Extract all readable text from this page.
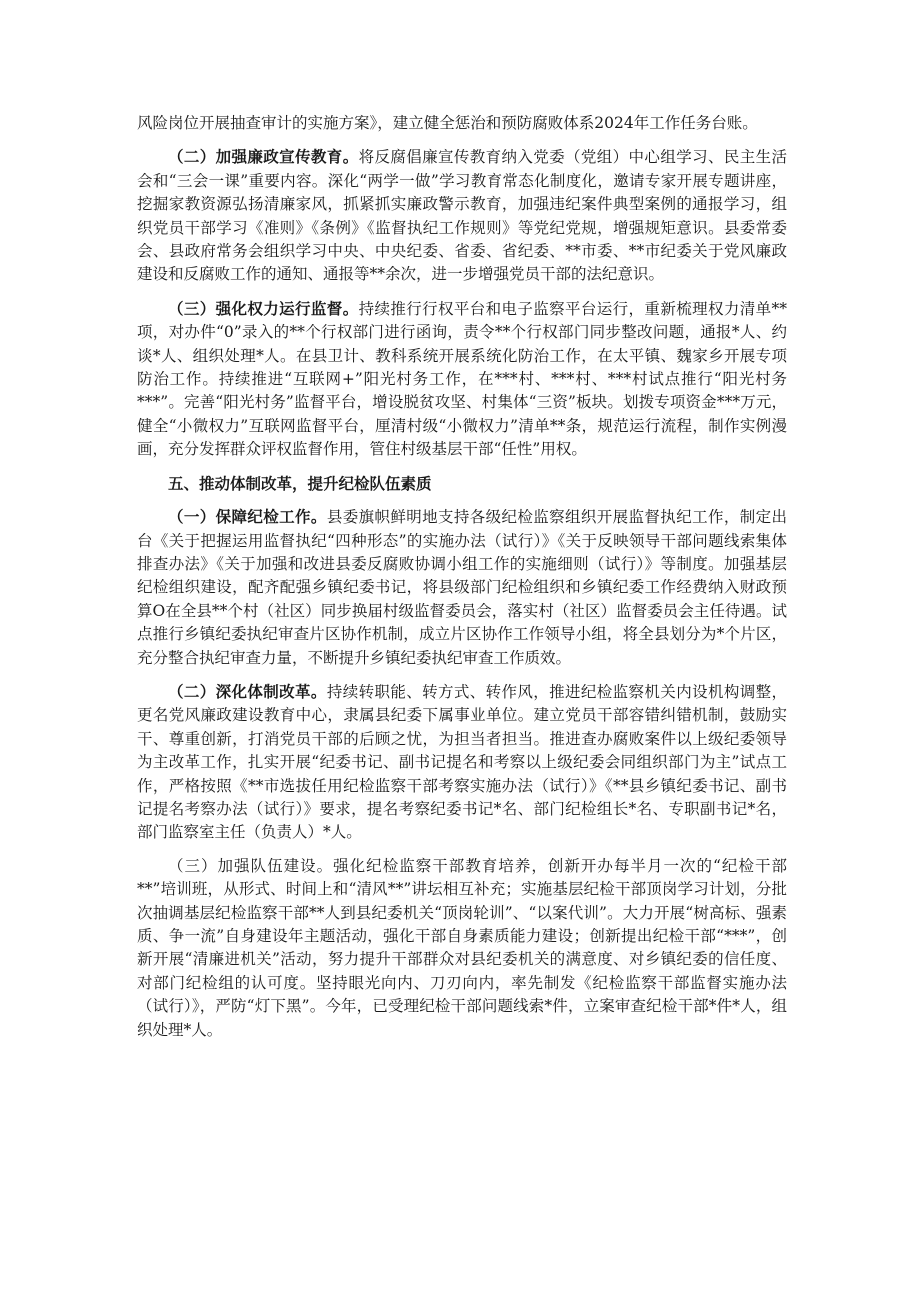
风险岗位开展抽查审计的实施方案》，建立健全惩治和预防腐败体系2024年工作任务台账。

（二）加强廉政宣传教育。将反腐倡廉宣传教育纳入党委（党组）中心组学习、民主生活会和“三会一课”重要内容。深化“两学一做”学习教育常态化制度化，邀请专家开展专题讲座，挖掘家教资源弘扬清廉家风，抓紧抓实廉政警示教育，加强违纪案件典型案例的通报学习，组织党员干部学习《准则》《条例》《监督执纪工作规则》等党纪党规，增强规矩意识。县委常委会、县政府常务会组织学习中央、中央纪委、省委、省纪委、**市委、**市纪委关于党风廉政建设和反腐败工作的通知、通报等**余次，进一步增强党员干部的法纪意识。

（三）强化权力运行监督。持续推行行权平台和电子监察平台运行，重新梳理权力清单**项，对办件“0”录入的**个行权部门进行函询，责令**个行权部门同步整改问题，通报*人、约谈*人、组织处理*人。在县卫计、教科系统开展系统化防治工作，在太平镇、魏家乡开展专项防治工作。持续推进“互联网+”阳光村务工作，在***村、***村、***村试点推行“阳光村务***”。完善“阳光村务”监督平台，增设脱贫攻坚、村集体“三资”板块。划拨专项资金***万元，健全“小微权力”互联网监督平台，厘清村级“小微权力”清单**条，规范运行流程，制作实例漫画，充分发挥群众评权监督作用，管住村级基层干部“任性”用权。

五、推动体制改革，提升纪检队伍素质

（一）保障纪检工作。县委旗帜鲜明地支持各级纪检监察组织开展监督执纪工作，制定出台《关于把握运用监督执纪“四种形态”的实施办法（试行）》《关于反映领导干部问题线索集体排查办法》《关于加强和改进县委反腐败协调小组工作的实施细则（试行）》等制度。加强基层纪检组织建设，配齐配强乡镇纪委书记，将县级部门纪检组织和乡镇纪委工作经费纳入财政预算O在全县**个村（社区）同步换届村级监督委员会，落实村（社区）监督委员会主任待遇。试点推行乡镇纪委执纪审查片区协作机制，成立片区协作工作领导小组，将全县划分为*个片区，充分整合执纪审查力量，不断提升乡镇纪委执纪审查工作质效。

（二）深化体制改革。持续转职能、转方式、转作风，推进纪检监察机关内设机构调整，更名党风廉政建设教育中心，隶属县纪委下属事业单位。建立党员干部容错纠错机制，鼓励实干、尊重创新，打消党员干部的后顾之忧，为担当者担当。推进查办腐败案件以上级纪委领导为主改革工作，扎实开展“纪委书记、副书记提名和考察以上级纪委会同组织部门为主”试点工作，严格按照《**市选拔任用纪检监察干部考察实施办法（试行）》《**县乡镇纪委书记、副书记提名考察办法（试行）》要求，提名考察纪委书记*名、部门纪检组长*名、专职副书记*名，部门监察室主任（负责人）*人。

（三）加强队伍建设。强化纪检监察干部教育培养，创新开办每半月一次的“纪检干部**”培训班，从形式、时间上和“清风**”讲坛相互补充；实施基层纪检干部顶岗学习计划，分批次抽调基层纪检监察干部**人到县纪委机关“顶岗轮训”、“以案代训”。大力开展“树高标、强素质、争一流”自身建设年主题活动，强化干部自身素质能力建设；创新提出纪检干部“***”，创新开展“清廉进机关”活动，努力提升干部群众对县纪委机关的满意度、对乡镇纪委的信任度、对部门纪检组的认可度。坚持眼光向内、刀刃向内，率先制发《纪检监察干部监督实施办法（试行）》，严防“灯下黑”。今年，已受理纪检干部问题线索*件，立案审查纪检干部*件*人，组织处理*人。
